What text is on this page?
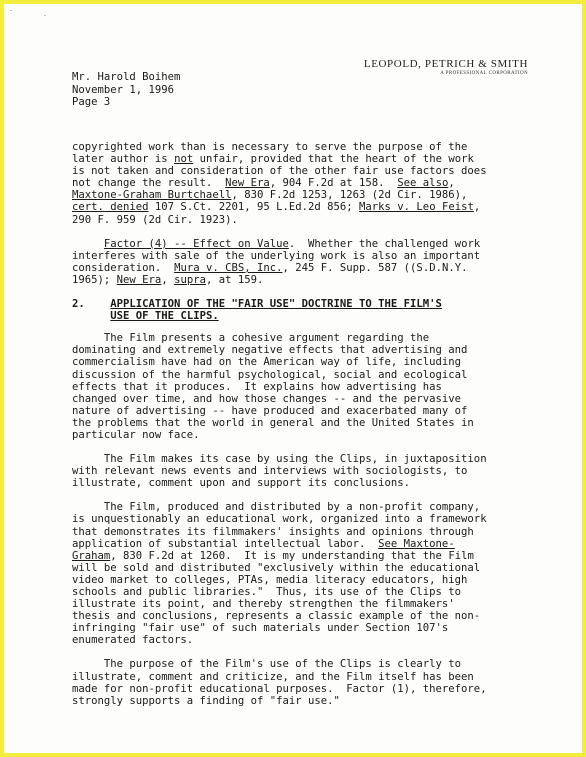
LEOPOLD, PETRICH & SMITH
A PROFESSIONAL CORPORATION
Mr. Harold Boihem
November 1, 1996
Page 3
copyrighted work than is necessary to serve the purpose of the
later author is not unfair, provided that the heart of the work
is not taken and consideration of the other fair use factors does
not change the result.  New Era, 904 F.2d at 158.  See also,
Maxtone-Graham Burtchaell, 830 F.2d 1253, 1263 (2d Cir. 1986),
cert. denied 107 S.Ct. 2201, 95 L.Ed.2d 856; Marks v. Leo Feist,
290 F. 959 (2d Cir. 1923).
Factor (4) -- Effect on Value.  Whether the challenged work
interferes with sale of the underlying work is also an important
consideration.  Mura v. CBS, Inc., 245 F. Supp. 587 ((S.D.N.Y.
1965); New Era, supra, at 159.
2. APPLICATION OF THE "FAIR USE" DOCTRINE TO THE FILM'S
USE OF THE CLIPS.
The Film presents a cohesive argument regarding the
dominating and extremely negative effects that advertising and
commercialism have had on the American way of life, including
discussion of the harmful psychological, social and ecological
effects that it produces.  It explains how advertising has
changed over time, and how those changes -- and the pervasive
nature of advertising -- have produced and exacerbated many of
the problems that the world in general and the United States in
particular now face.
The Film makes its case by using the Clips, in juxtaposition
with relevant news events and interviews with sociologists, to
illustrate, comment upon and support its conclusions.
The Film, produced and distributed by a non-profit company,
is unquestionably an educational work, organized into a framework
that demonstrates its filmmakers' insights and opinions through
application of substantial intellectual labor.  See Maxtone-
Graham, 830 F.2d at 1260.  It is my understanding that the Film
will be sold and distributed "exclusively within the educational
video market to colleges, PTAs, media literacy educators, high
schools and public libraries."  Thus, its use of the Clips to
illustrate its point, and thereby strengthen the filmmakers'
thesis and conclusions, represents a classic example of the non-
infringing "fair use" of such materials under Section 107's
enumerated factors.
The purpose of the Film's use of the Clips is clearly to
illustrate, comment and criticize, and the Film itself has been
made for non-profit educational purposes.  Factor (1), therefore,
strongly supports a finding of "fair use."
